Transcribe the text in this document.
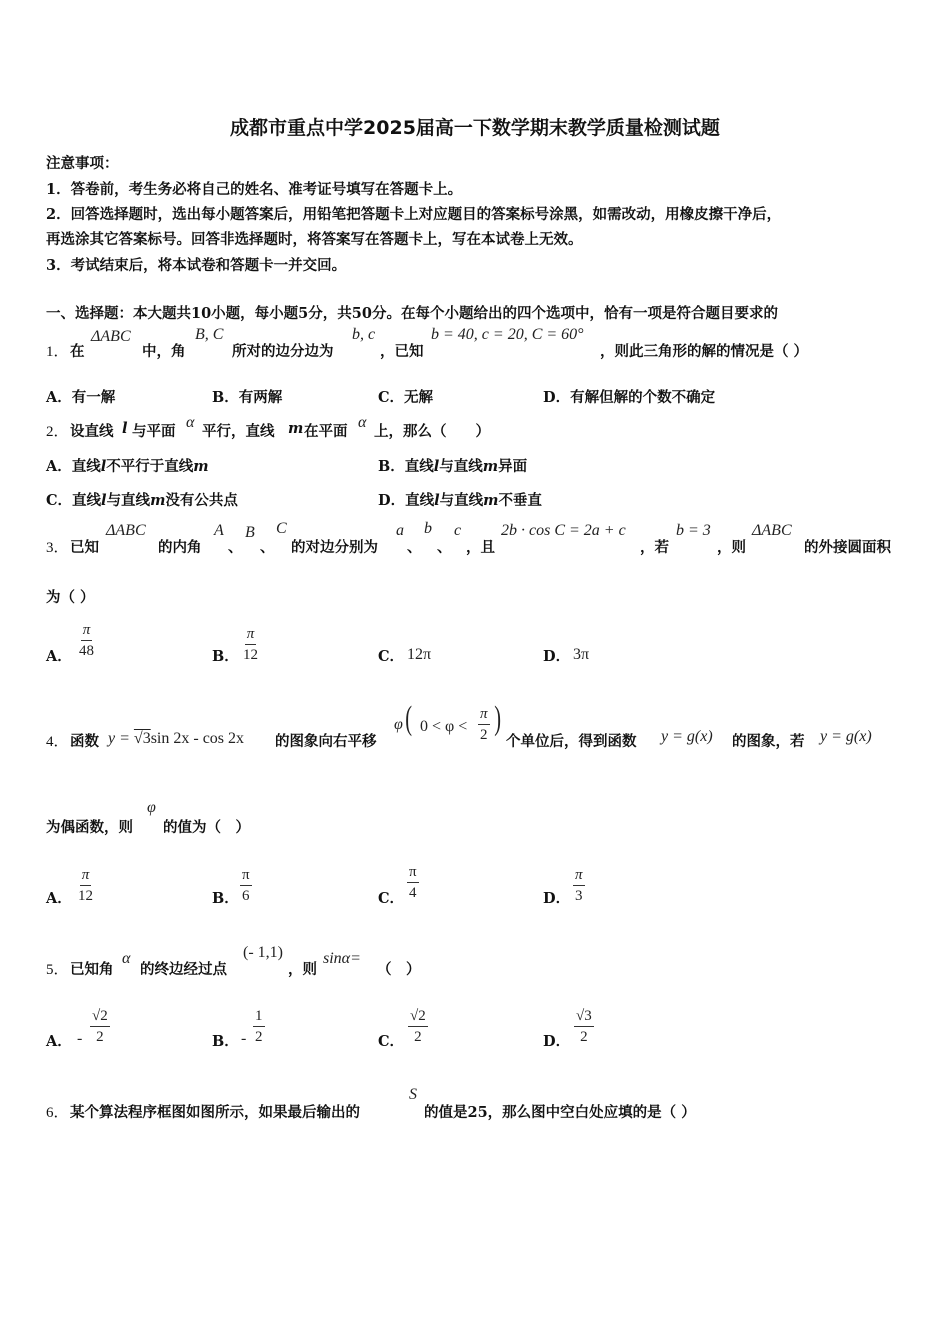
成都市重点中学2025届高一下数学期末教学质量检测试题
注意事项：
1．答卷前，考生务必将自己的姓名、准考证号填写在答题卡上。
2．回答选择题时，选出每小题答案后，用铅笔把答题卡上对应题目的答案标号涂黑，如需改动，用橡皮擦干净后，
再选涂其它答案标号。回答非选择题时，将答案写在答题卡上，写在本试卷上无效。
3．考试结束后，将本试卷和答题卡一并交回。
一、选择题：本大题共10小题，每小题5分，共50分。在每个小题给出的四个选项中，恰有一项是符合题目要求的
1． 在
ΔABC
中，角
B, C
所对的边分边为
b, c
，已知
b = 40, c = 20, C = 60°
，则此三角形的解的情况是（ ）
A．有一解	B．有两解	C．无解	D．有解但解的个数不确定
2． 设直线 l 与平面
α
平行，直线 m 在平面
α
上，那么（　　）
A．直线l不平行于直线m	B．直线l与直线m异面
C．直线l与直线m没有公共点	D．直线l与直线m不垂直
3． 已知
ΔABC
的内角
A
、
B
、
C
的对边分别为
a
、
b
、
c
，且
2b · cos C = 2a + c
，若
b = 3
，则
ΔABC
的外接圆面积
为（ ）
A． $\frac{\pi}{48}$	B． $\frac{\pi}{12}$	C． 12π	D． 3π
4． 函数 y = √3sin 2x - cos 2x 的图象向右平移
φ ( $0 < \varphi < \frac{\pi}{2}$ )
个单位后，得到函数 y = g(x) 的图象，若 y = g(x)
为偶函数，则
φ
的值为（　）
A． $\frac{\pi}{12}$	B． $\frac{\pi}{6}$	C． $\frac{\pi}{4}$	D． $\frac{\pi}{3}$
5． 已知角
α
的终边经过点
(- 1,1)
，则
sinα=
（　）
A． - $\frac{√2}{2}$	B． - $\frac{1}{2}$	C． $\frac{√2}{2}$	D． $\frac{√3}{2}$
6． 某个算法程序框图如图所示，如果最后输出的
S
的值是25，那么图中空白处应填的是（ ）
